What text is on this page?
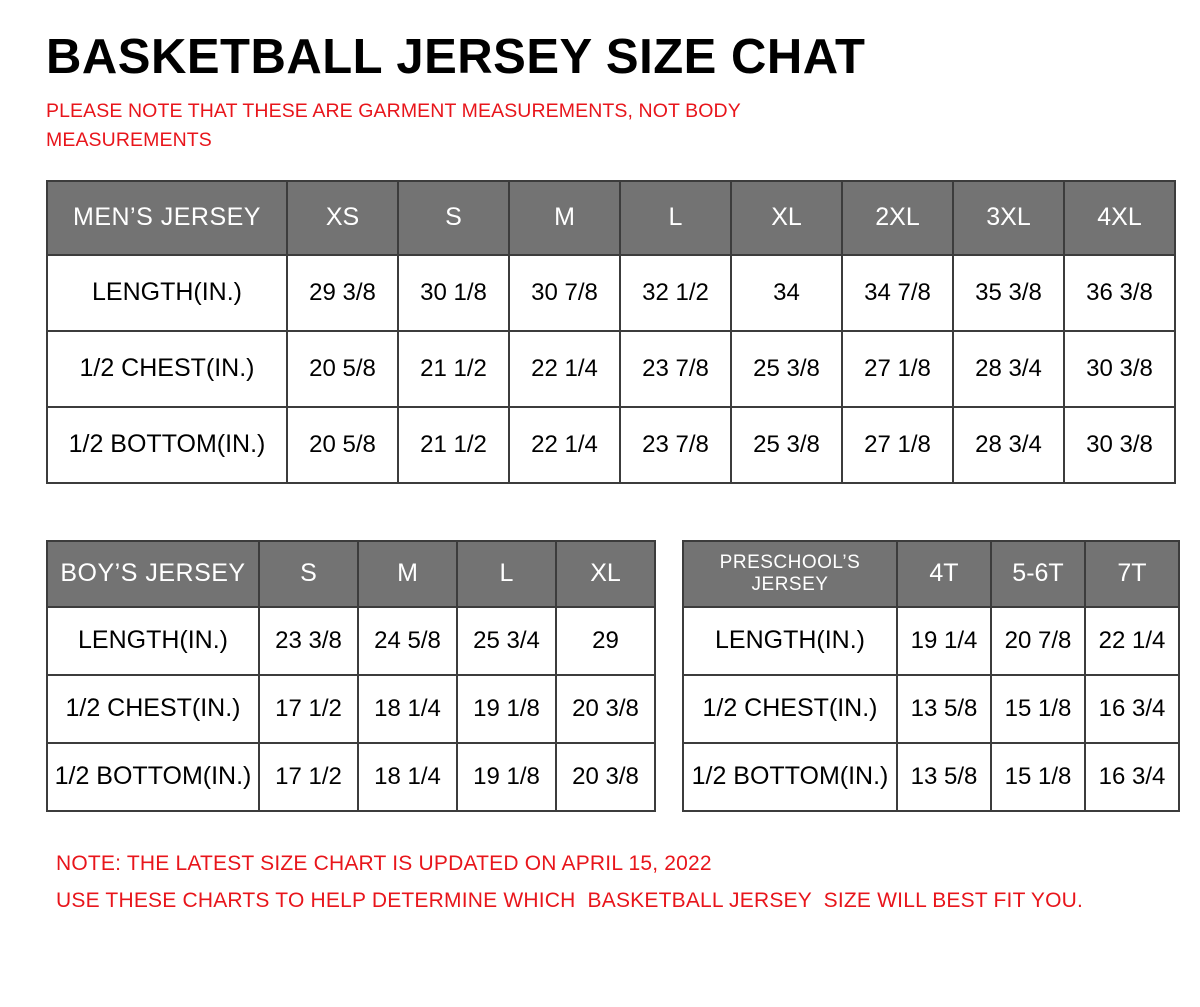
BASKETBALL JERSEY SIZE CHAT
PLEASE NOTE THAT THESE ARE GARMENT MEASUREMENTS, NOT BODY MEASUREMENTS
MEN’S JERSEY	XS	S	M	L	XL	2XL	3XL	4XL
LENGTH(IN.)	29 3/8	30 1/8	30 7/8	32 1/2	34	34 7/8	35 3/8	36 3/8
1/2 CHEST(IN.)	20 5/8	21 1/2	22 1/4	23 7/8	25 3/8	27 1/8	28 3/4	30 3/8
1/2 BOTTOM(IN.)	20 5/8	21 1/2	22 1/4	23 7/8	25 3/8	27 1/8	28 3/4	30 3/8
BOY’S JERSEY	S	M	L	XL
LENGTH(IN.)	23 3/8	24 5/8	25 3/4	29
1/2 CHEST(IN.)	17 1/2	18 1/4	19 1/8	20 3/8
1/2 BOTTOM(IN.)	17 1/2	18 1/4	19 1/8	20 3/8
PRESCHOOL’S JERSEY	4T	5-6T	7T
LENGTH(IN.)	19 1/4	20 7/8	22 1/4
1/2 CHEST(IN.)	13 5/8	15 1/8	16 3/4
1/2 BOTTOM(IN.)	13 5/8	15 1/8	16 3/4
NOTE: THE LATEST SIZE CHART IS UPDATED ON APRIL 15, 2022
USE THESE CHARTS TO HELP DETERMINE WHICH  BASKETBALL JERSEY  SIZE WILL BEST FIT YOU.
